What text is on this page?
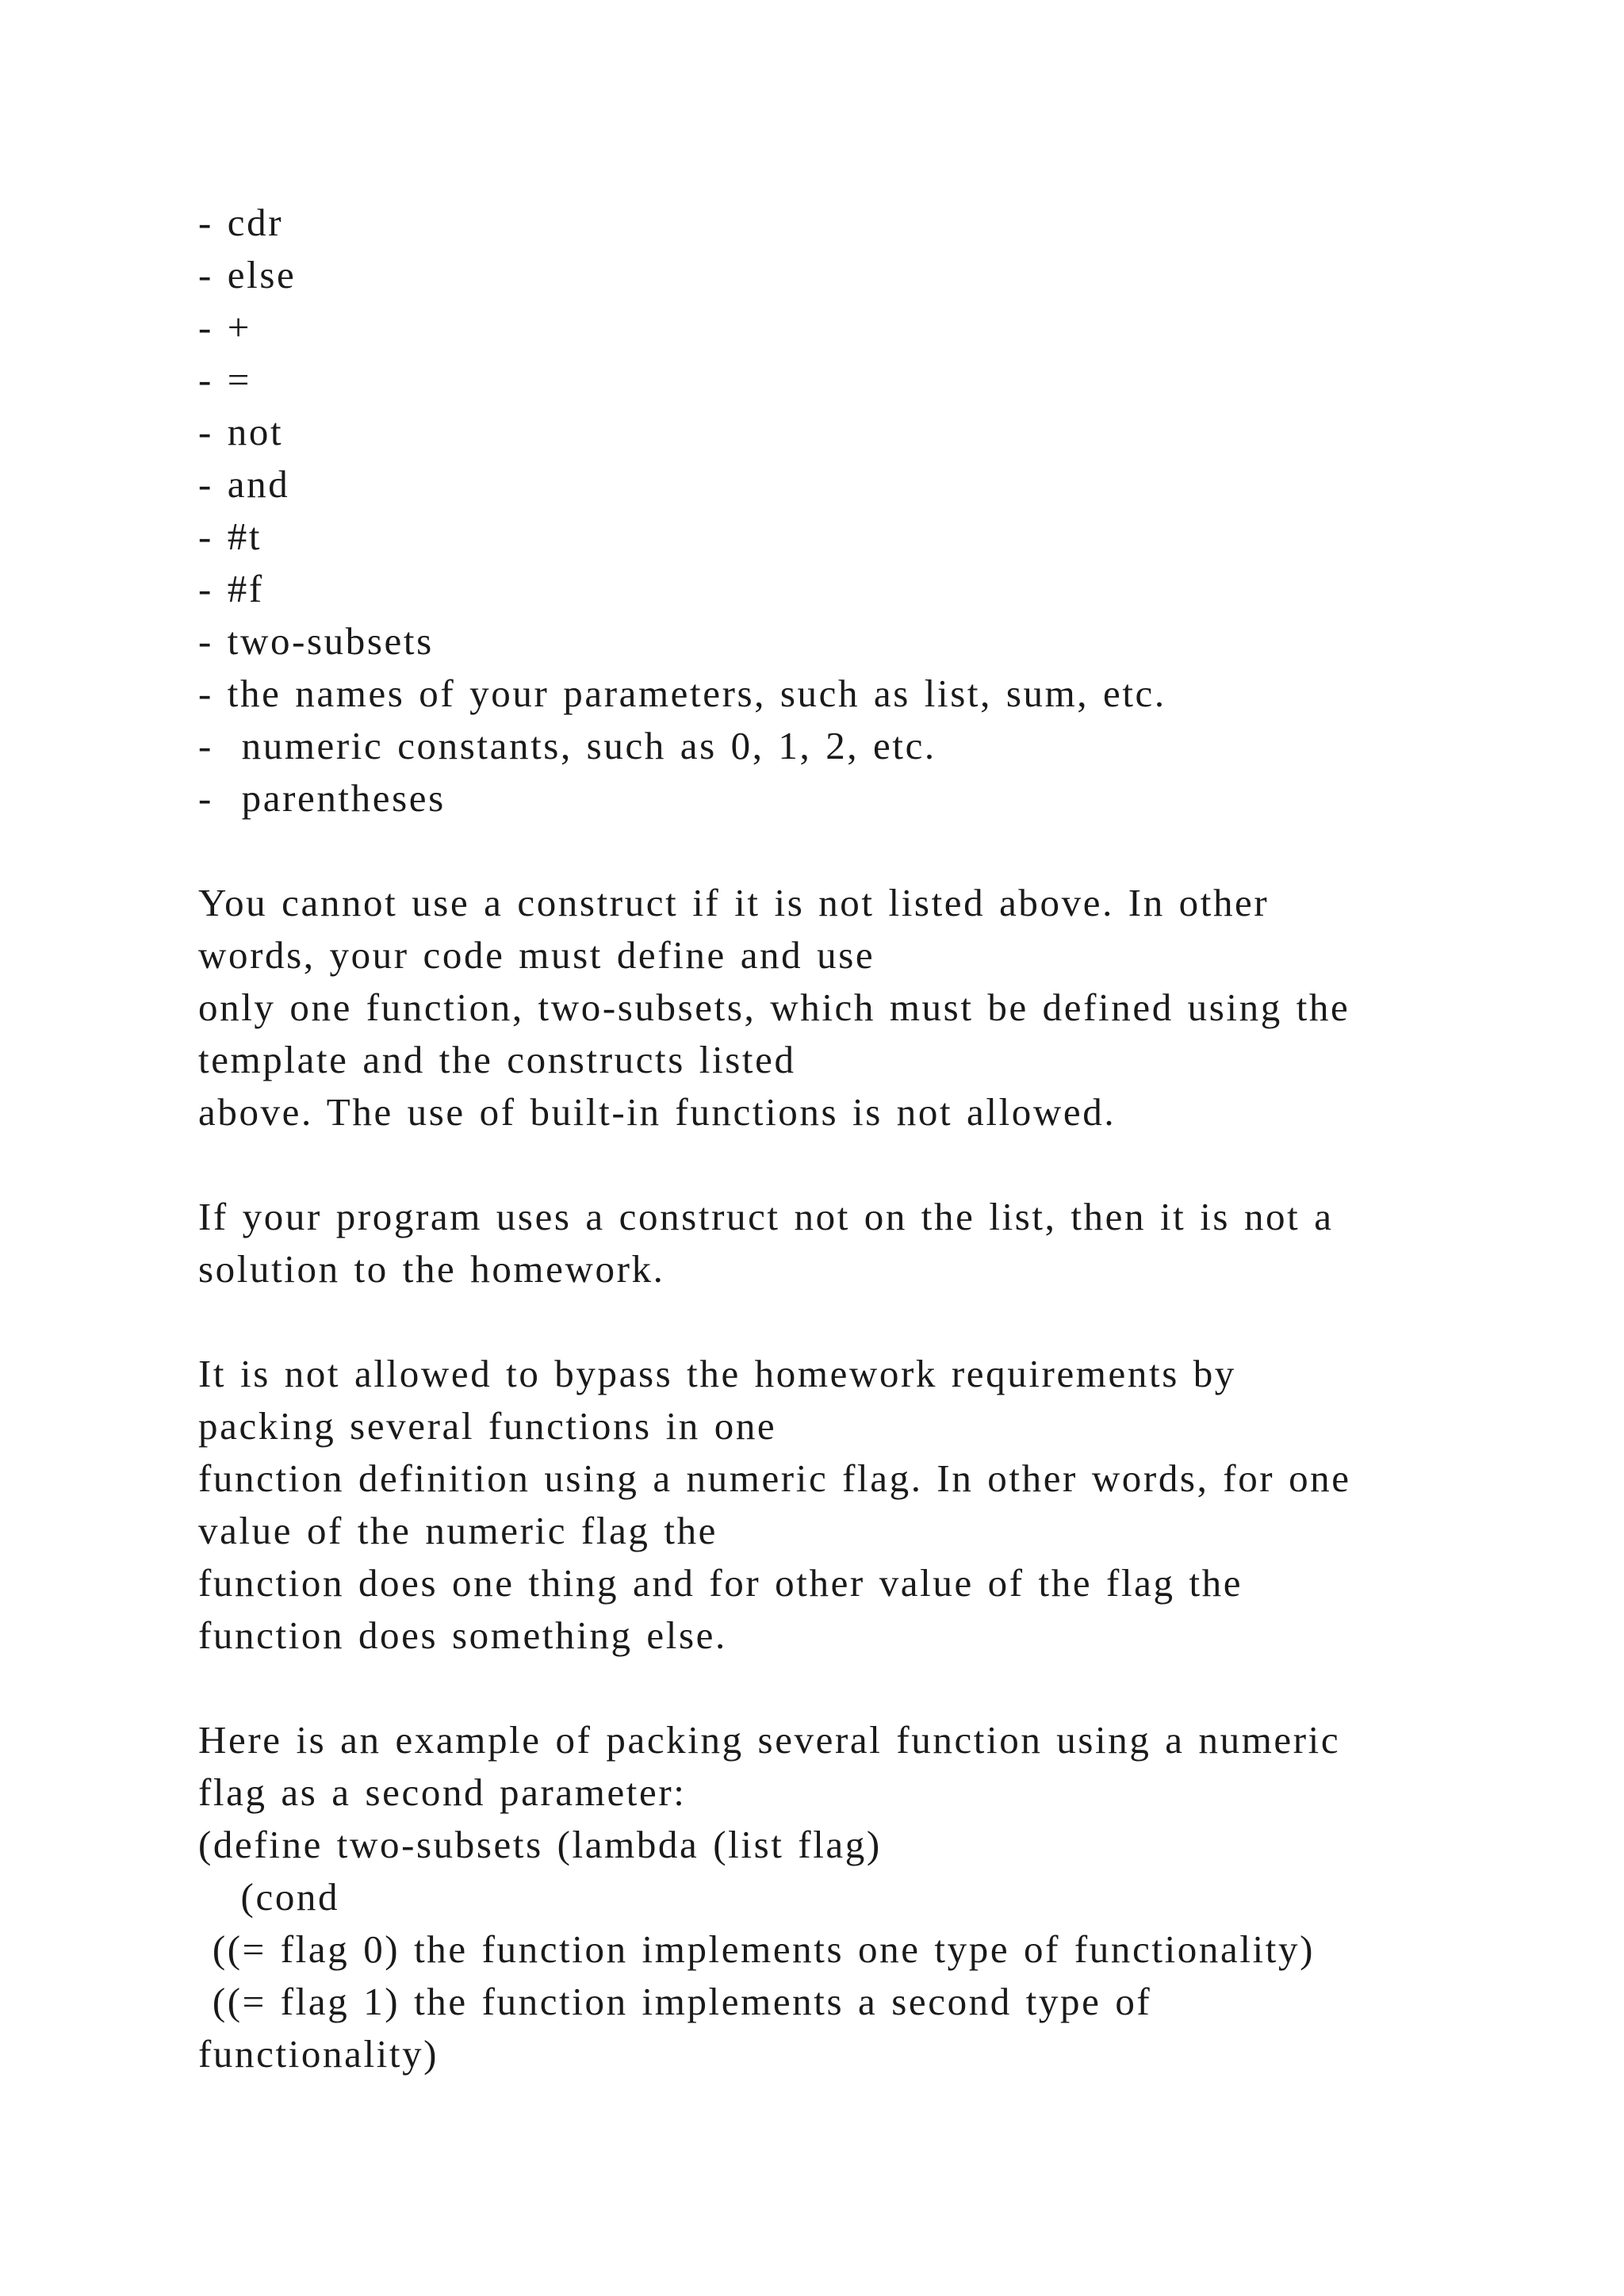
- cdr
- else
- +
- =
- not
- and
- #t
- #f
- two-subsets
- the names of your parameters, such as list, sum, etc.
-  numeric constants, such as 0, 1, 2, etc.
-  parentheses
You cannot use a construct if it is not listed above. In other
words, your code must define and use
only one function, two-subsets, which must be defined using the
template and the constructs listed
above. The use of built-in functions is not allowed.
If your program uses a construct not on the list, then it is not a
solution to the homework.
It is not allowed to bypass the homework requirements by
packing several functions in one
function definition using a numeric flag. In other words, for one
value of the numeric flag the
function does one thing and for other value of the flag the
function does something else.
Here is an example of packing several function using a numeric
flag as a second parameter:
(define two-subsets (lambda (list flag)
(cond
((= flag 0) the function implements one type of functionality)
((= flag 1) the function implements a second type of
functionality)
